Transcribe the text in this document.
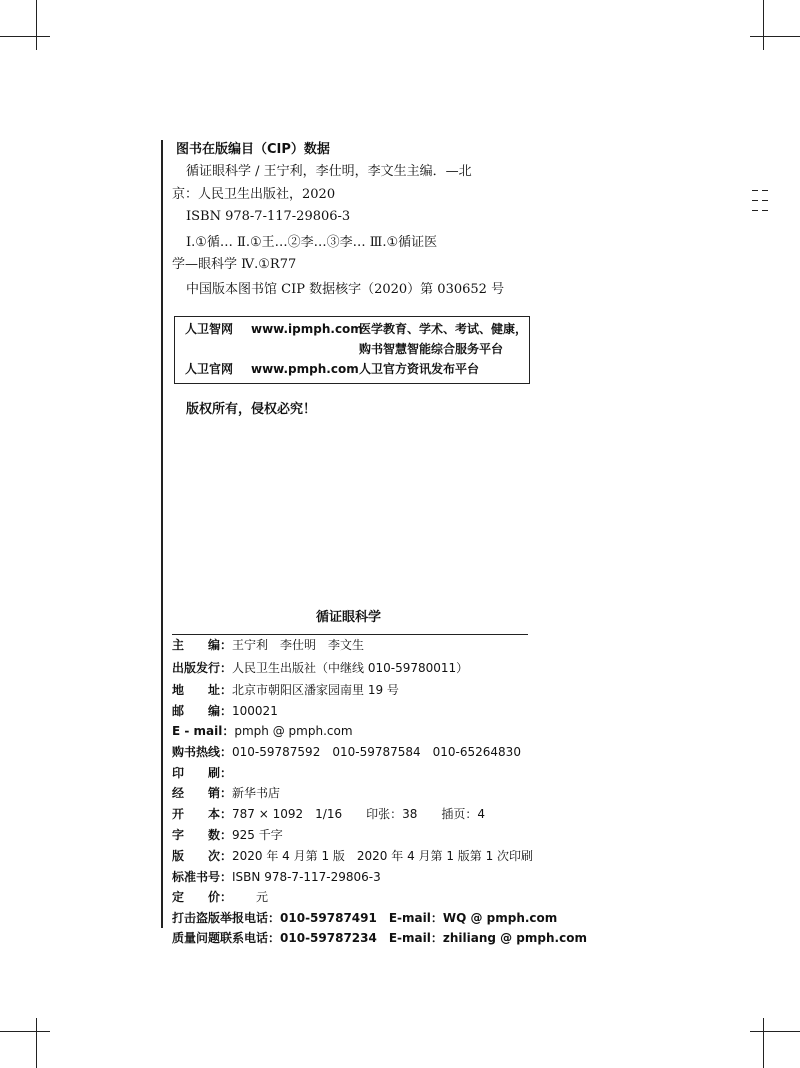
图书在版编目（CIP）数据
循证眼科学 / 王宁利，李仕明，李文生主编．—北
京：人民卫生出版社，2020
ISBN 978-7-117-29806-3
Ⅰ.①循… Ⅱ.①王…②李…③李… Ⅲ.①循证医
学—眼科学 Ⅳ.①R77
中国版本图书馆 CIP 数据核字（2020）第 030652 号
人卫智网 www.ipmph.com
医学教育、学术、考试、健康，
购书智慧智能综合服务平台
人卫官网 www.pmph.com 人卫官方资讯发布平台
版权所有，侵权必究！
循证眼科学
主　　编：王宁利　李仕明　李文生
出版发行：人民卫生出版社（中继线 010-59780011）
地　　址：北京市朝阳区潘家园南里 19 号
邮　　编：100021
E - mail：pmph @ pmph.com
购书热线：010-59787592　010-59787584　010-65264830
印　　刷：
经　　销：新华书店
开　　本：787 × 1092　1/16　　印张：38　　插页：4
字　　数：925 千字
版　　次：2020 年 4 月第 1 版　2020 年 4 月第 1 版第 1 次印刷
标准书号：ISBN 978-7-117-29806-3
定　　价：　　元
打击盗版举报电话：010-59787491　E-mail：WQ @ pmph.com
质量问题联系电话：010-59787234　E-mail：zhiliang @ pmph.com
